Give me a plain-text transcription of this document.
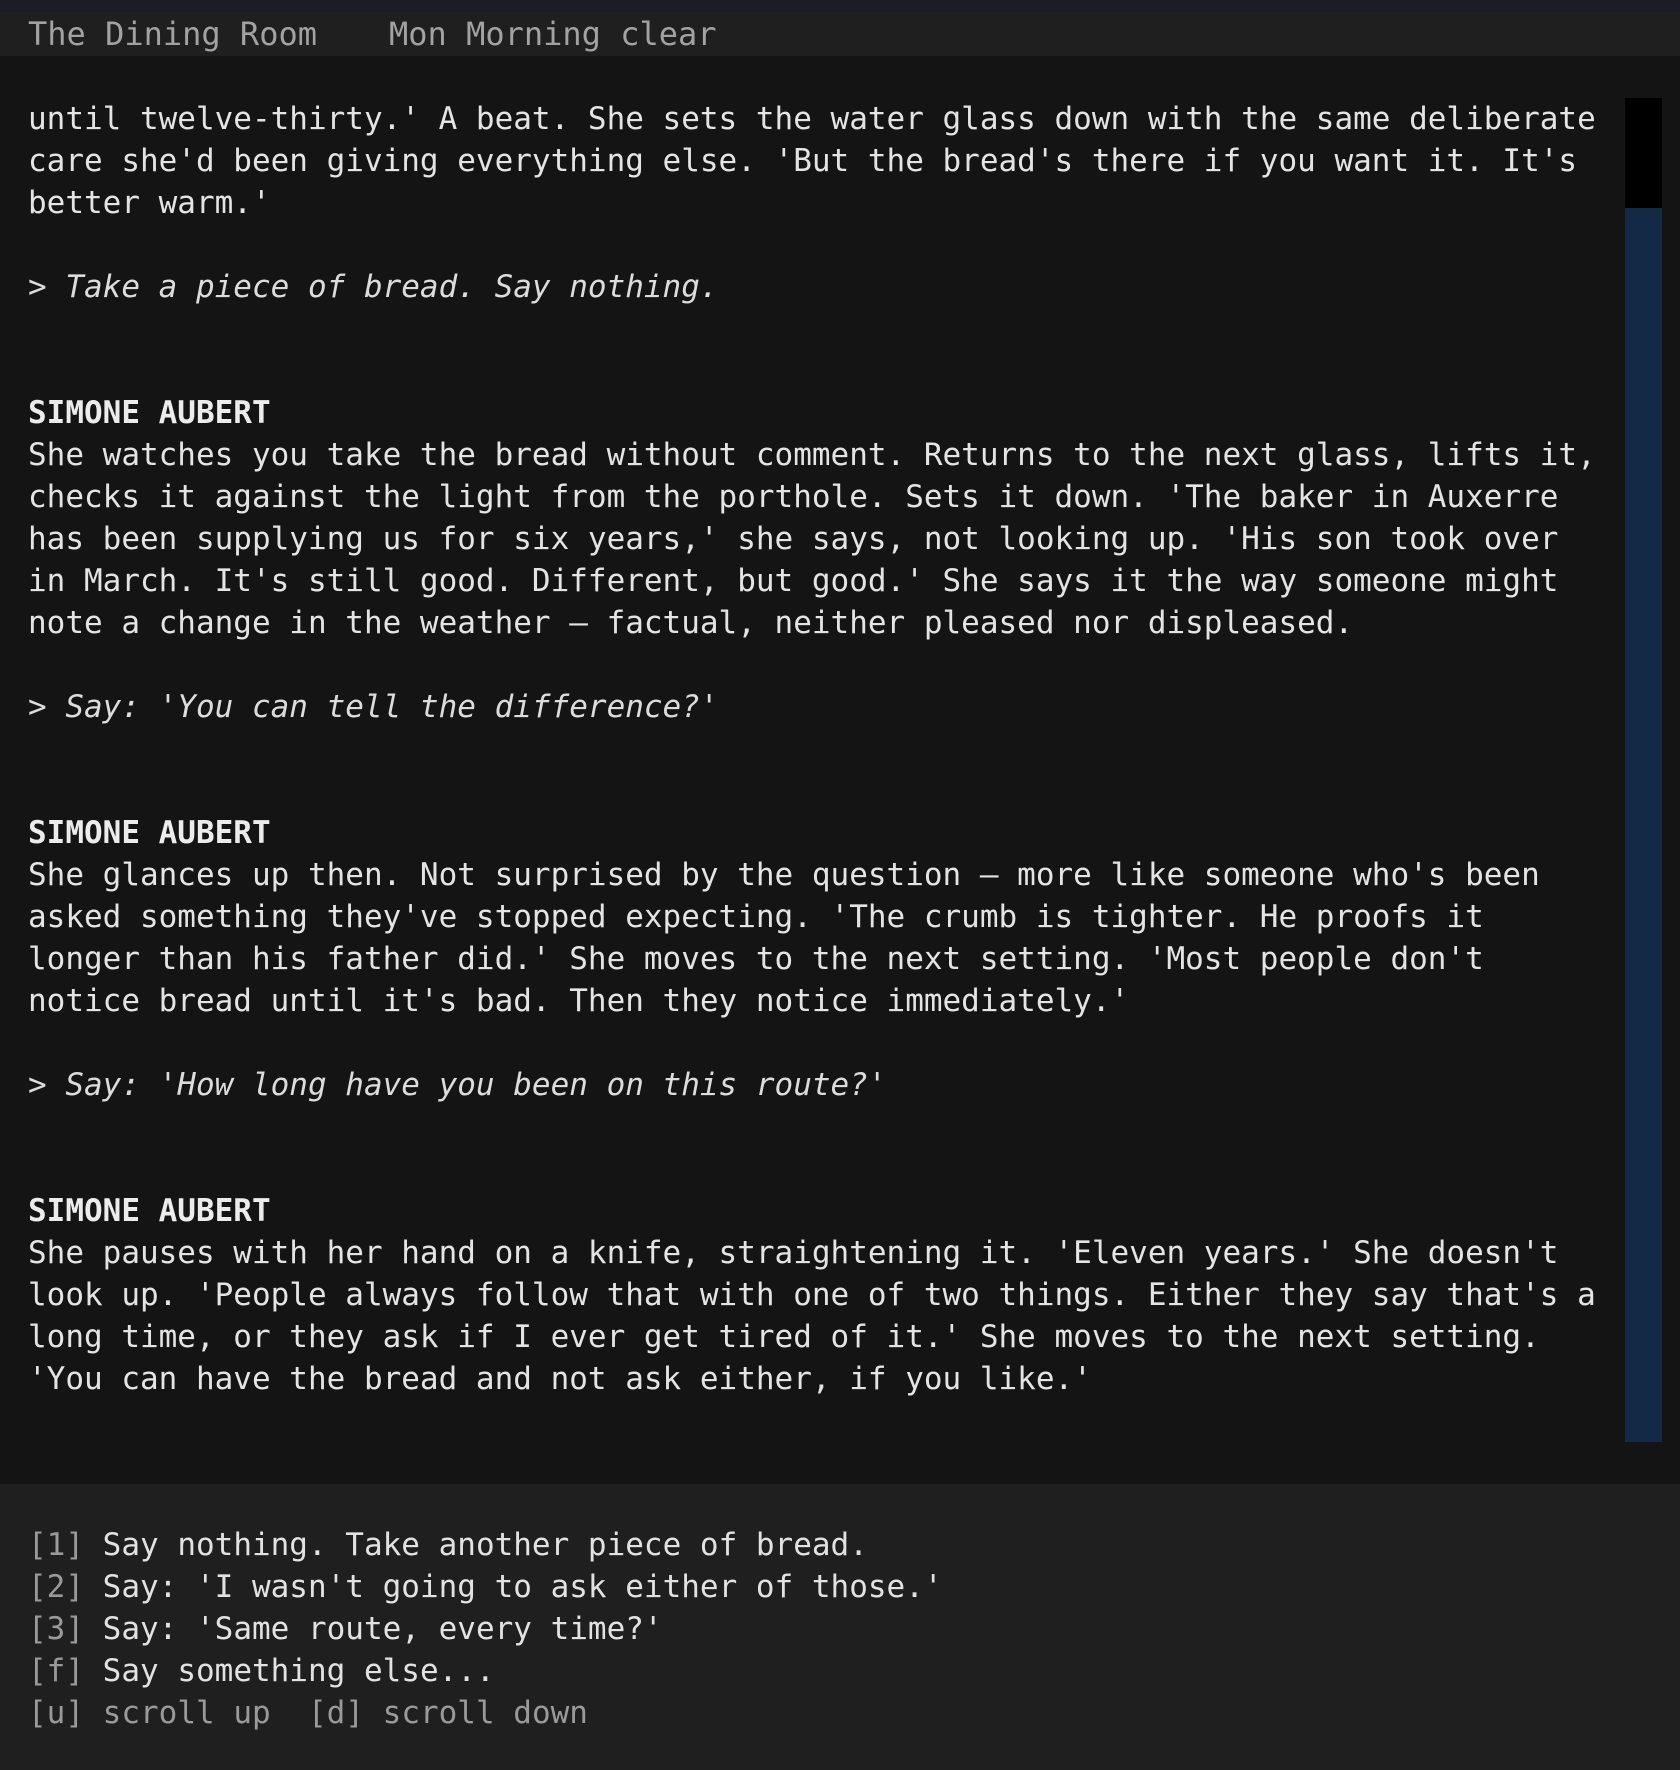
The Dining Room

Mon Morning clear

until twelve-thirty.' A beat. She sets the water glass down with the same deliberate

care she'd been giving everything else. 'But the bread's there if you want it. It's

better warm.'

> Take a piece of bread. Say nothing.

SIMONE AUBERT

She watches you take the bread without comment. Returns to the next glass, lifts it,

checks it against the light from the porthole. Sets it down. 'The baker in Auxerre

has been supplying us for six years,' she says, not looking up. 'His son took over

in March. It's still good. Different, but good.' She says it the way someone might

note a change in the weather — factual, neither pleased nor displeased.

> Say: 'You can tell the difference?'

SIMONE AUBERT

She glances up then. Not surprised by the question — more like someone who's been

asked something they've stopped expecting. 'The crumb is tighter. He proofs it

longer than his father did.' She moves to the next setting. 'Most people don't

notice bread until it's bad. Then they notice immediately.'

> Say: 'How long have you been on this route?'

SIMONE AUBERT

She pauses with her hand on a knife, straightening it. 'Eleven years.' She doesn't

look up. 'People always follow that with one of two things. Either they say that's a

long time, or they ask if I ever get tired of it.' She moves to the next setting.

'You can have the bread and not ask either, if you like.'

[1] Say nothing. Take another piece of bread.
[2] Say: 'I wasn't going to ask either of those.'
[3] Say: 'Same route, every time?'
[f] Say something else...
[u] scroll up [d] scroll down
